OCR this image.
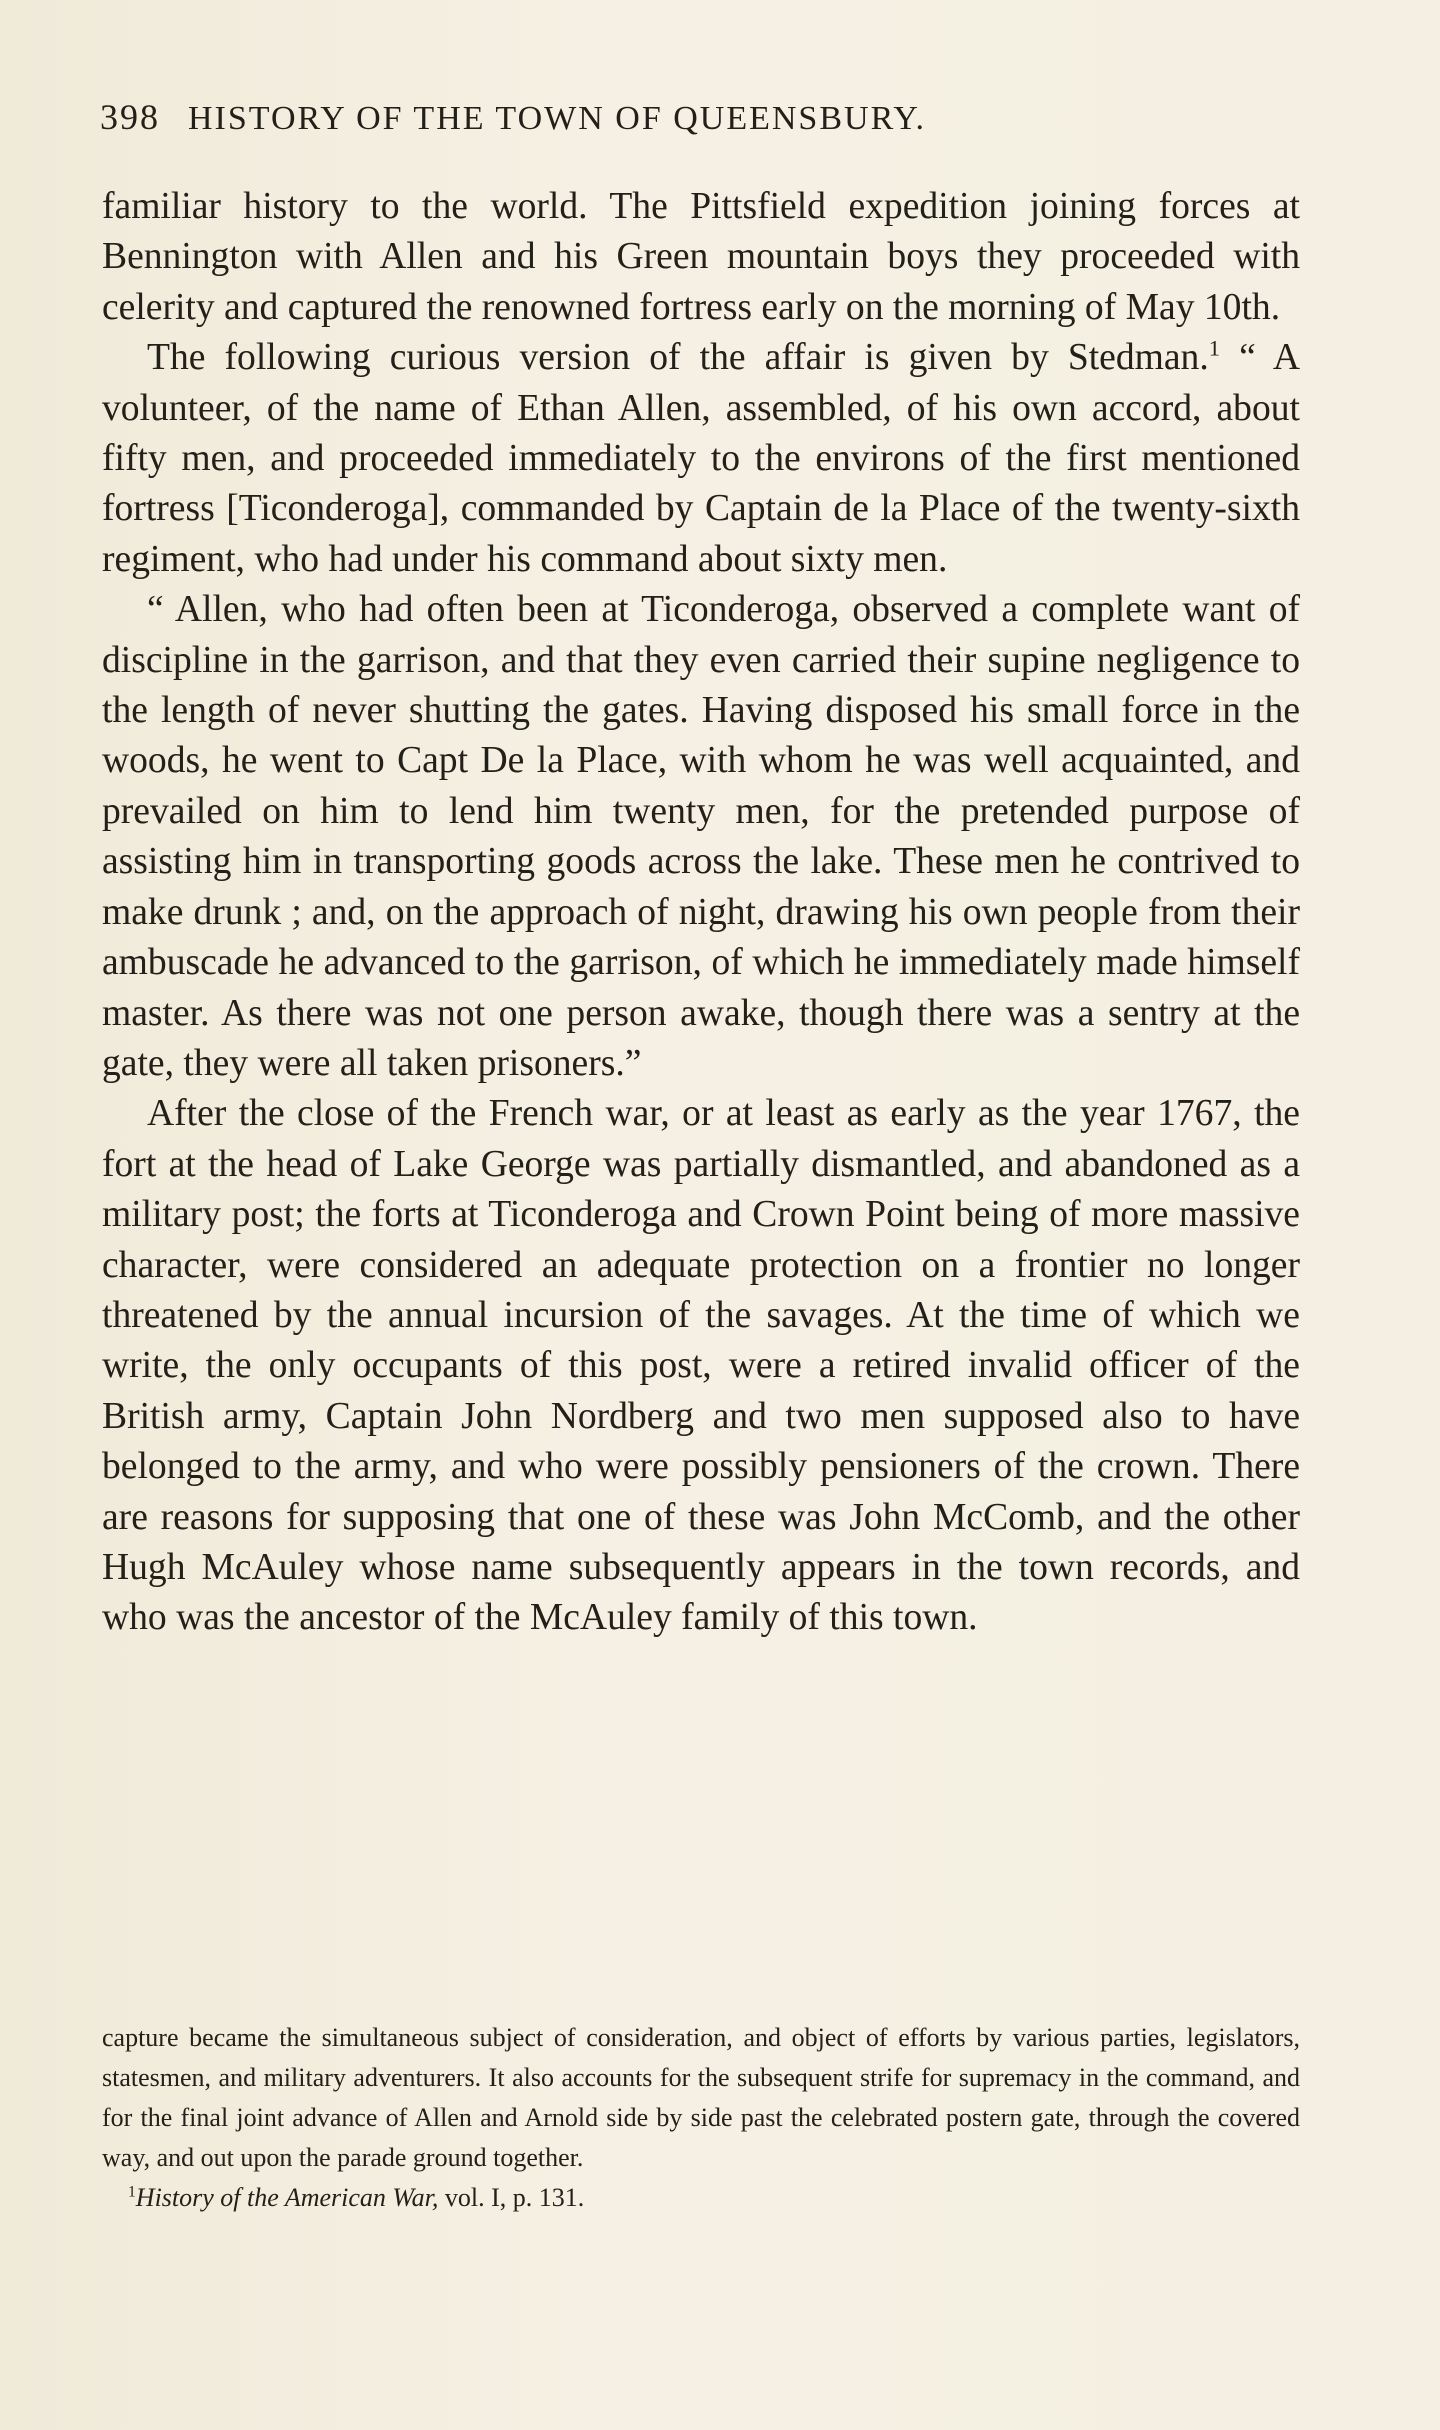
398 HISTORY OF THE TOWN OF QUEENSBURY.

familiar history to the world. The Pittsfield expedition joining forces at Bennington with Allen and his Green mountain boys they proceeded with celerity and captured the renowned fortress early on the morning of May 10th.

The following curious version of the affair is given by Stedman.$^1$ “ A volunteer, of the name of Ethan Allen, assembled, of his own accord, about fifty men, and proceeded immediately to the environs of the first mentioned fortress [Ticonderoga], commanded by Captain de la Place of the twenty-sixth regiment, who had under his command about sixty men.

“ Allen, who had often been at Ticonderoga, observed a complete want of discipline in the garrison, and that they even carried their supine negligence to the length of never shutting the gates. Having disposed his small force in the woods, he went to Capt De la Place, with whom he was well acquainted, and prevailed on him to lend him twenty men, for the pretended purpose of assisting him in transporting goods across the lake. These men he contrived to make drunk ; and, on the approach of night, drawing his own people from their ambuscade he advanced to the garrison, of which he immediately made himself master. As there was not one person awake, though there was a sentry at the gate, they were all taken prisoners.”

After the close of the French war, or at least as early as the year 1767, the fort at the head of Lake George was partially dismantled, and abandoned as a military post; the forts at Ticonderoga and Crown Point being of more massive character, were considered an adequate protection on a frontier no longer threatened by the annual incursion of the savages. At the time of which we write, the only occupants of this post, were a retired invalid officer of the British army, Captain John Nordberg and two men supposed also to have belonged to the army, and who were possibly pensioners of the crown. There are reasons for supposing that one of these was John McComb, and the other Hugh McAuley whose name subsequently appears in the town records, and who was the ancestor of the McAuley family of this town.

capture became the simultaneous subject of consideration, and object of efforts by various parties, legislators, statesmen, and military adventurers. It also accounts for the subsequent strife for supremacy in the command, and for the final joint advance of Allen and Arnold side by side past the celebrated postern gate, through the covered way, and out upon the parade ground together.

$^1$History of the American War, vol. I, p. 131.
